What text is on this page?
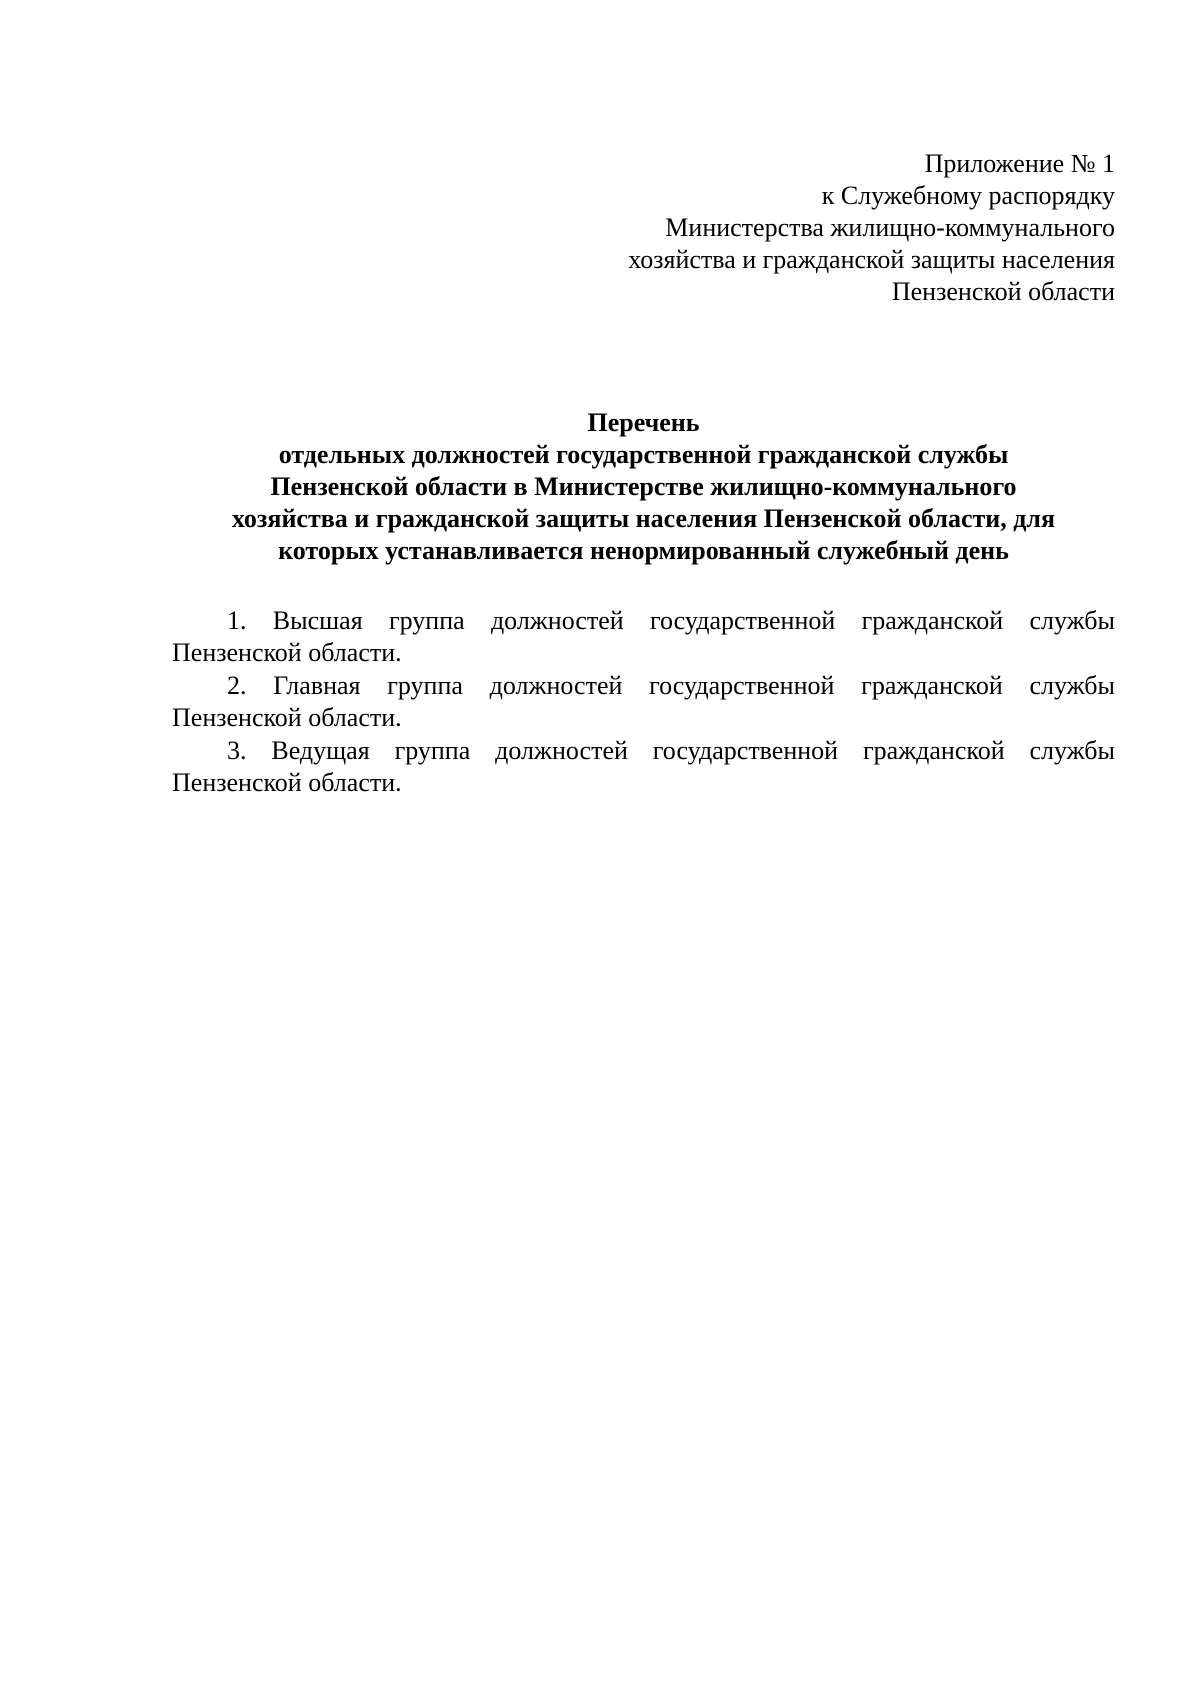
Приложение № 1
к Служебному распорядку
Министерства жилищно-коммунального
хозяйства и гражданской защиты населения
Пензенской области
Перечень
отдельных должностей государственной гражданской службы
Пензенской области в Министерстве жилищно-коммунального
хозяйства и гражданской защиты населения Пензенской области, для
которых устанавливается ненормированный служебный день

1. Высшая группа должностей государственной гражданской службы Пензенской области.

2. Главная группа должностей государственной гражданской службы Пензенской области.

3. Ведущая группа должностей государственной гражданской службы Пензенской области.
